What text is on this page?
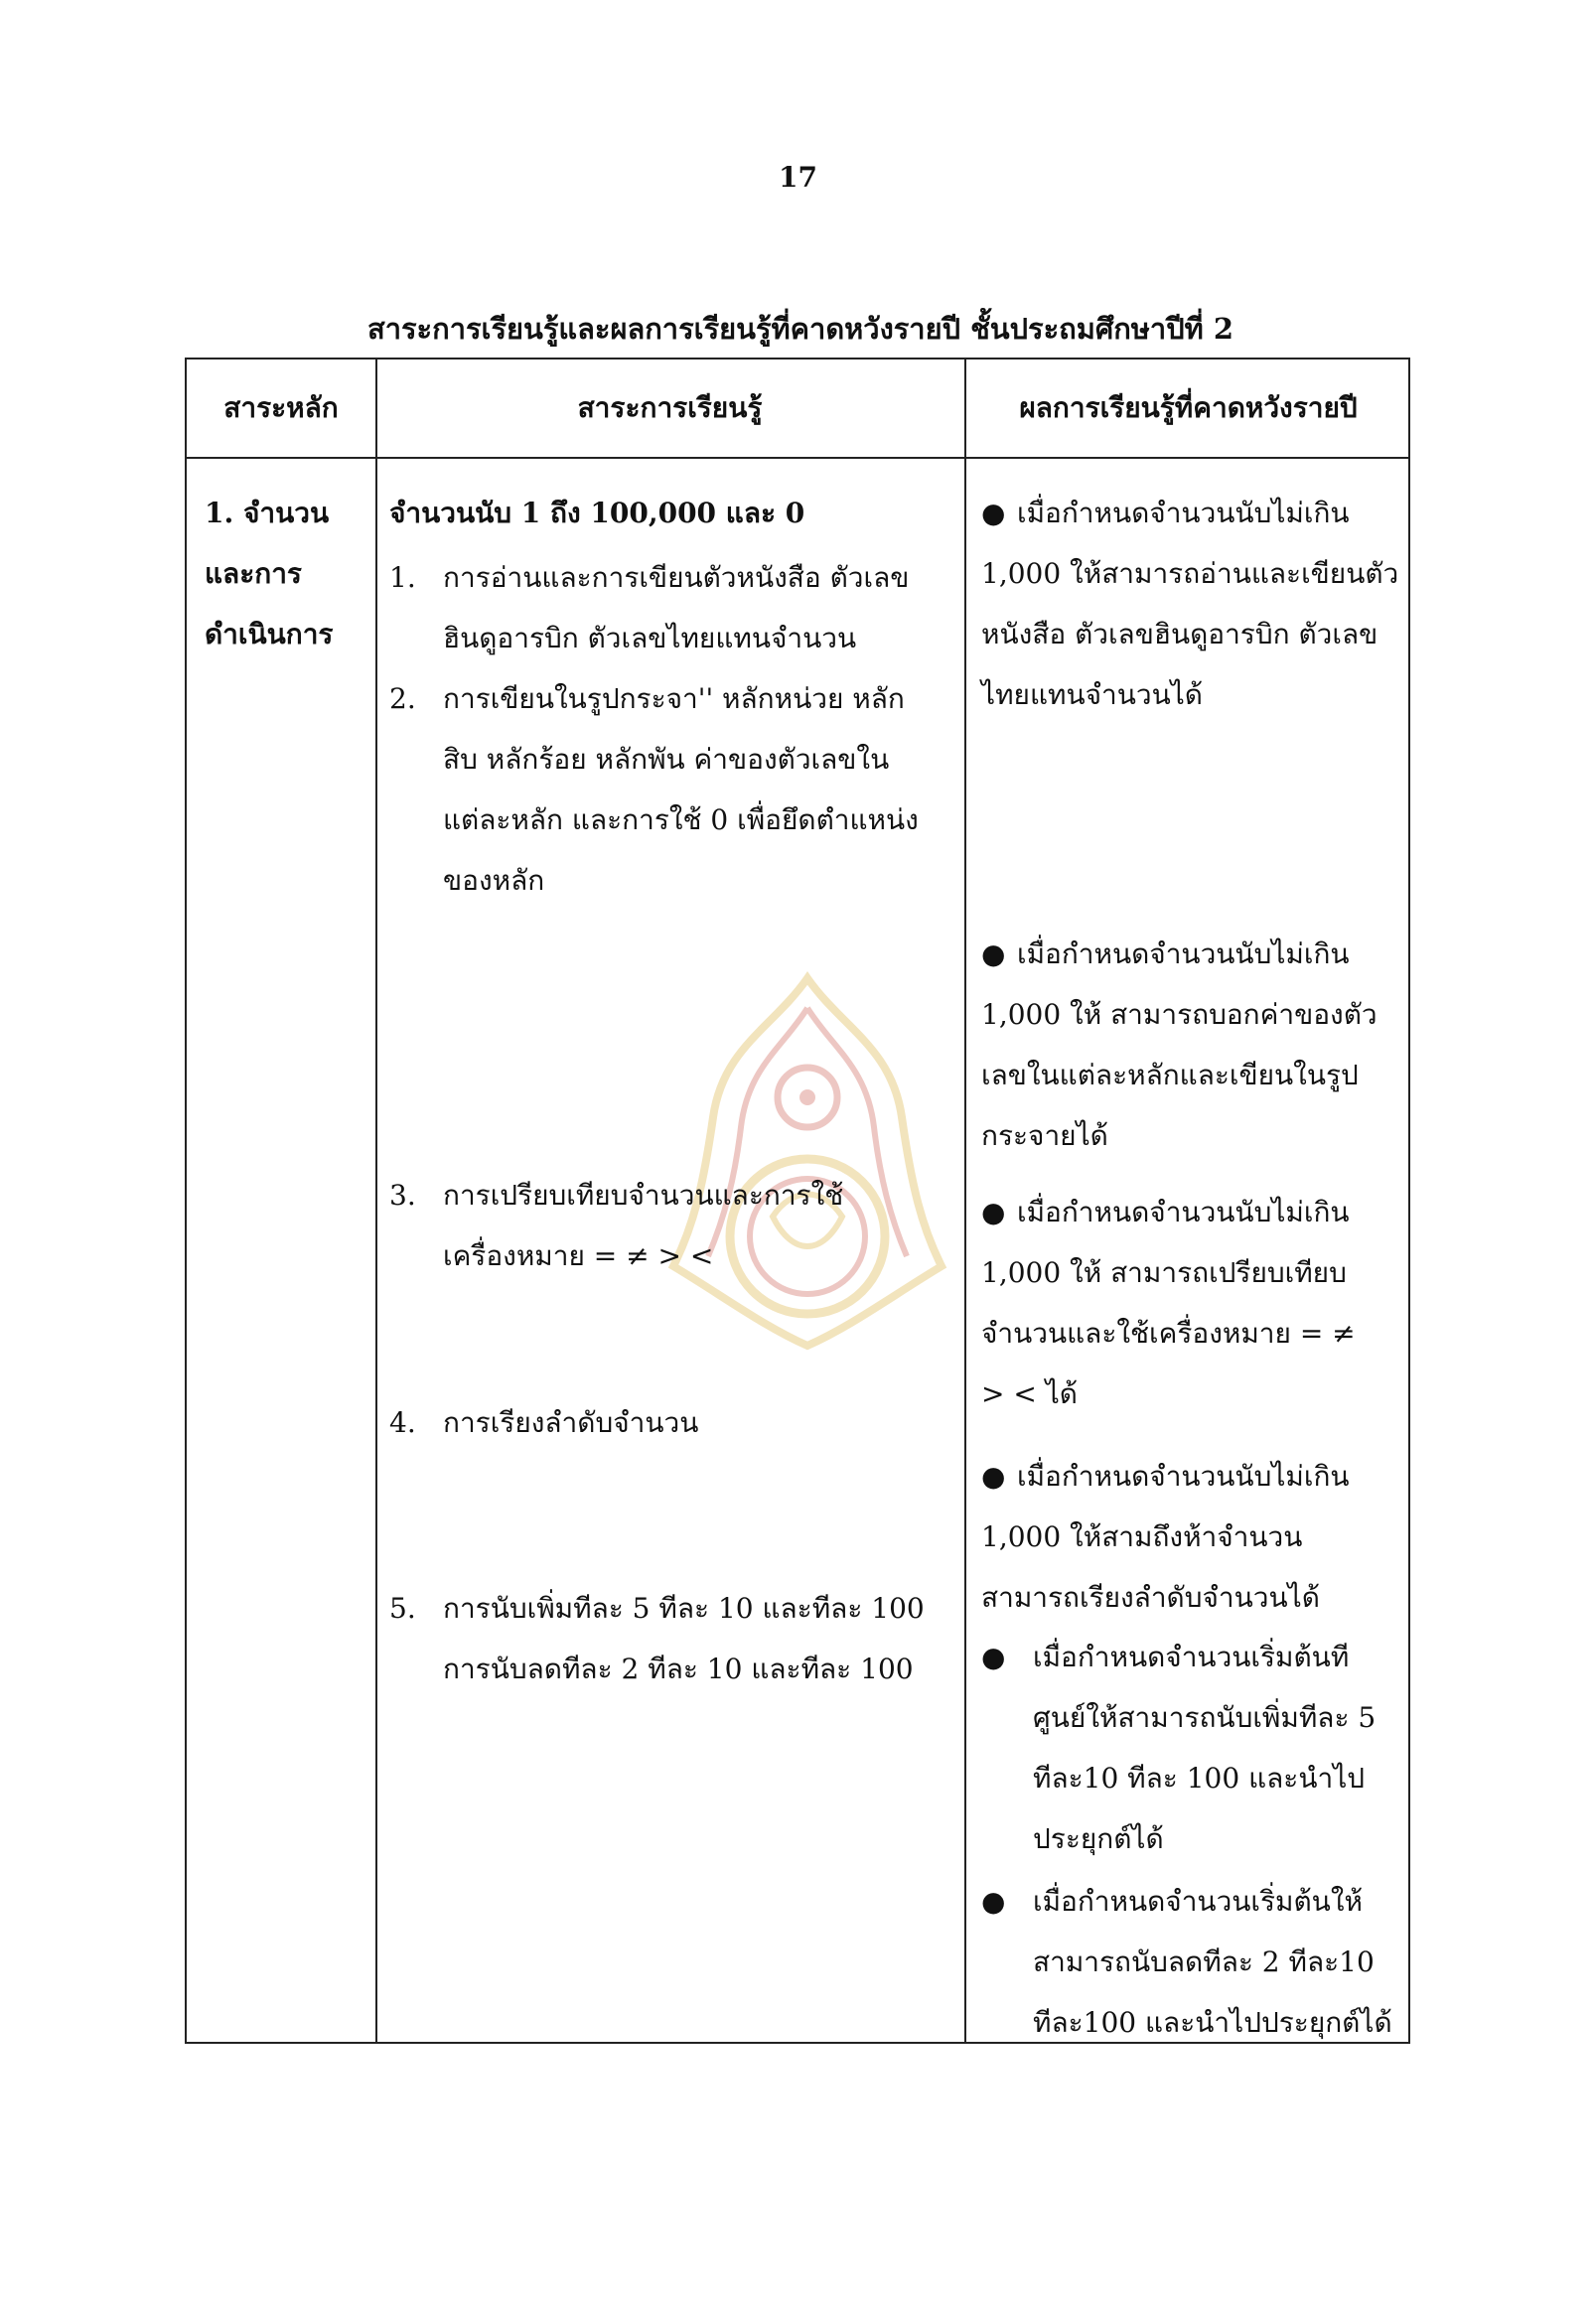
17
สาระการเรียนรู้และผลการเรียนรู้ที่คาดหวังรายปี ชั้นประถมศึกษาปีที่ 2
สาระหลัก	สาระการเรียนรู้	ผลการเรียนรู้ที่คาดหวังรายปี
1. จำนวน
และการ
ดำเนินการ
จำนวนนับ 1 ถึง 100,000 และ 0
1. การอ่านและการเขียนตัวหนังสือ ตัวเลข
ฮินดูอารบิก ตัวเลขไทยแทนจำนวน
2. การเขียนในรูปกระจา'' หลักหน่วย หลัก
สิบ หลักร้อย หลักพัน ค่าของตัวเลขใน
แต่ละหลัก และการใช้ 0 เพื่อยึดตำแหน่ง
ของหลัก
3. การเปรียบเทียบจำนวนและการใช้
เครื่องหมาย = ≠ > <
4. การเรียงลำดับจำนวน
5. การนับเพิ่มทีละ 5 ทีละ 10 และทีละ 100
การนับลดทีละ 2 ทีละ 10 และทีละ 100
● เมื่อกำหนดจำนวนนับไม่เกิน
1,000 ให้สามารถอ่านและเขียนตัว
หนังสือ ตัวเลขฮินดูอารบิก ตัวเลข
ไทยแทนจำนวนได้
● เมื่อกำหนดจำนวนนับไม่เกิน
1,000 ให้ สามารถบอกค่าของตัว
เลขในแต่ละหลักและเขียนในรูป
กระจายได้
● เมื่อกำหนดจำนวนนับไม่เกิน
1,000 ให้ สามารถเปรียบเทียบ
จำนวนและใช้เครื่องหมาย = ≠
> < ได้
● เมื่อกำหนดจำนวนนับไม่เกิน
1,000 ให้สามถึงห้าจำนวน
สามารถเรียงลำดับจำนวนได้
● เมื่อกำหนดจำนวนเริ่มต้นที
ศูนย์ให้สามารถนับเพิ่มทีละ 5
ทีละ10 ทีละ 100 และนำไป
ประยุกต์ได้
● เมื่อกำหนดจำนวนเริ่มต้นให้
สามารถนับลดทีละ 2 ทีละ10
ทีละ100 และนำไปประยุกต์ได้
